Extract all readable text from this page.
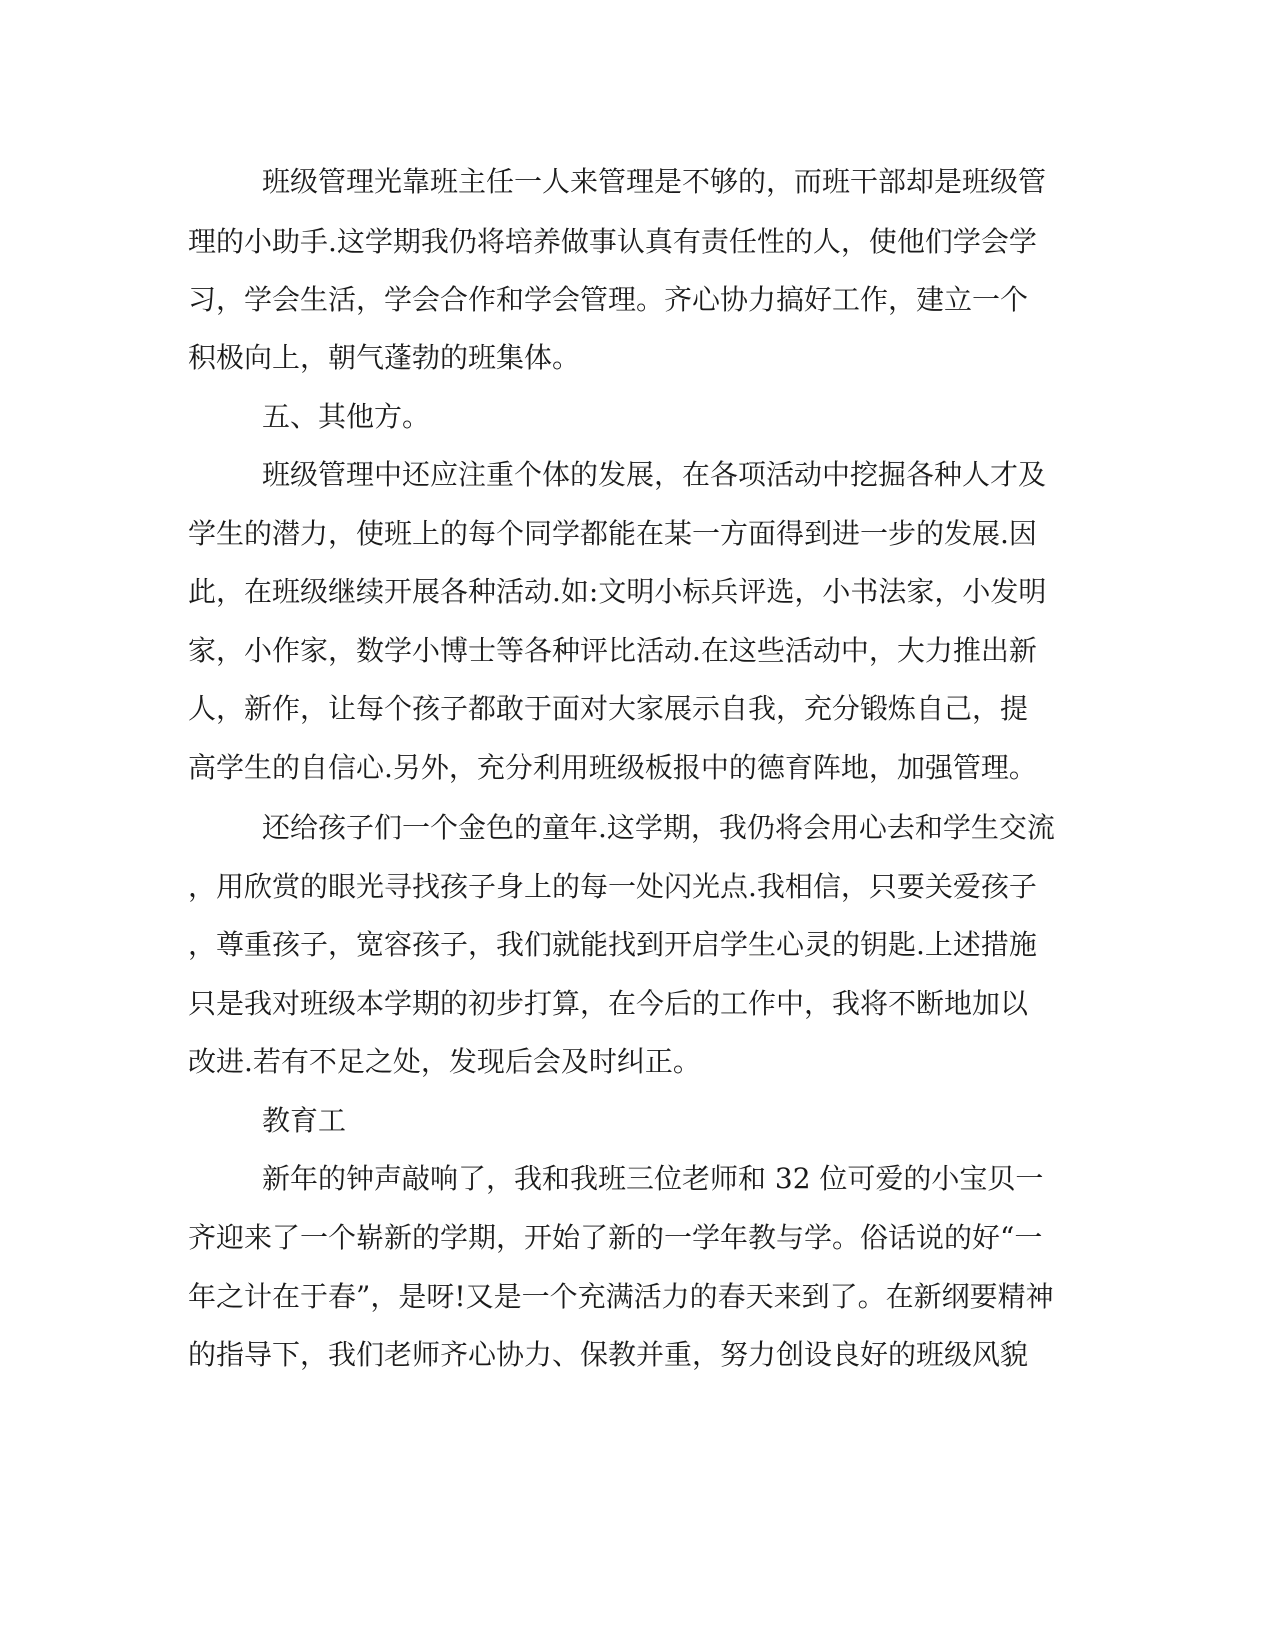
班级管理光靠班主任一人来管理是不够的，而班干部却是班级管
理的小助手.这学期我仍将培养做事认真有责任性的人，使他们学会学
习，学会生活，学会合作和学会管理。齐心协力搞好工作，建立一个
积极向上，朝气蓬勃的班集体。
五、其他方。
班级管理中还应注重个体的发展，在各项活动中挖掘各种人才及
学生的潜力，使班上的每个同学都能在某一方面得到进一步的发展.因
此，在班级继续开展各种活动.如:文明小标兵评选，小书法家，小发明
家，小作家，数学小博士等各种评比活动.在这些活动中，大力推出新
人，新作，让每个孩子都敢于面对大家展示自我，充分锻炼自己，提
高学生的自信心.另外，充分利用班级板报中的德育阵地，加强管理。
还给孩子们一个金色的童年.这学期，我仍将会用心去和学生交流
，用欣赏的眼光寻找孩子身上的每一处闪光点.我相信，只要关爱孩子
，尊重孩子，宽容孩子，我们就能找到开启学生心灵的钥匙.上述措施
只是我对班级本学期的初步打算，在今后的工作中，我将不断地加以
改进.若有不足之处，发现后会及时纠正。
教育工
新年的钟声敲响了，我和我班三位老师和 32 位可爱的小宝贝一
齐迎来了一个崭新的学期，开始了新的一学年教与学。俗话说的好“一
年之计在于春”，是呀!又是一个充满活力的春天来到了。在新纲要精神
的指导下，我们老师齐心协力、保教并重，努力创设良好的班级风貌
